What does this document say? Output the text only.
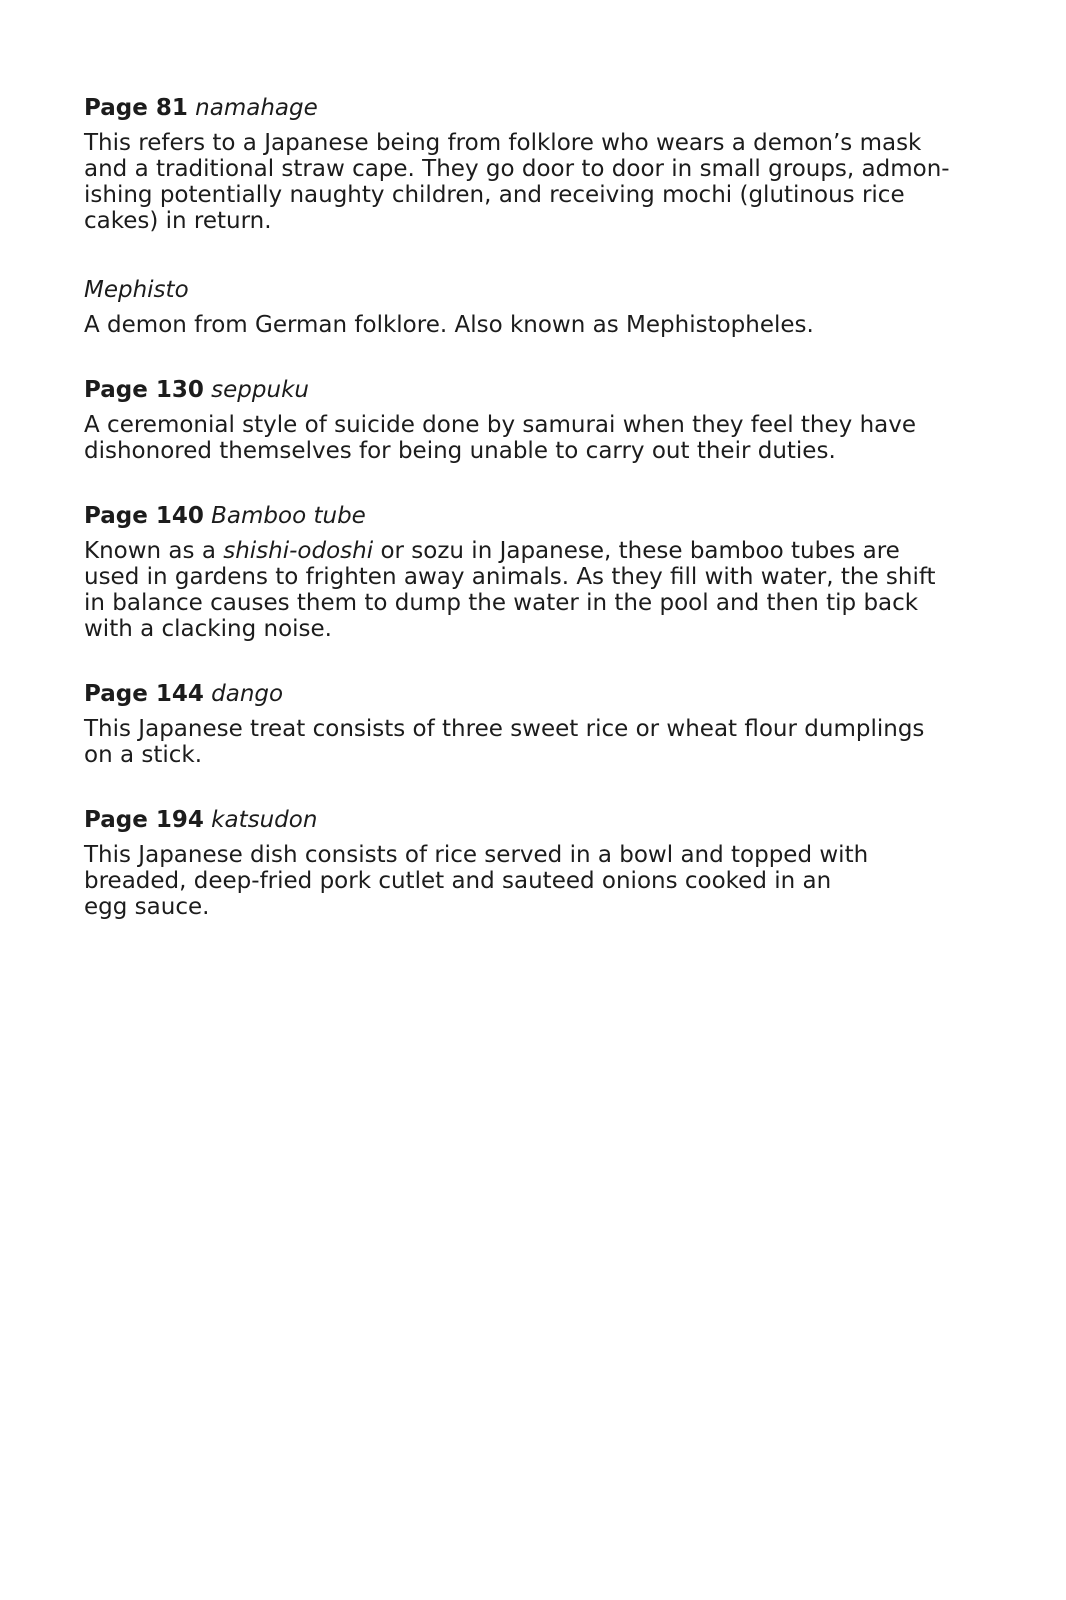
Page 81 namahage

This refers to a Japanese being from folklore who wears a demon’s mask
and a traditional straw cape. They go door to door in small groups, admon-
ishing potentially naughty children, and receiving mochi (glutinous rice
cakes) in return.

Mephisto

A demon from German folklore. Also known as Mephistopheles.

Page 130 seppuku

A ceremonial style of suicide done by samurai when they feel they have
dishonored themselves for being unable to carry out their duties.

Page 140 Bamboo tube

Known as a shishi-odoshi or sozu in Japanese, these bamboo tubes are
used in gardens to frighten away animals. As they fill with water, the shift
in balance causes them to dump the water in the pool and then tip back
with a clacking noise.

Page 144 dango

This Japanese treat consists of three sweet rice or wheat flour dumplings
on a stick.

Page 194 katsudon

This Japanese dish consists of rice served in a bowl and topped with
breaded, deep-fried pork cutlet and sauteed onions cooked in an
egg sauce.
